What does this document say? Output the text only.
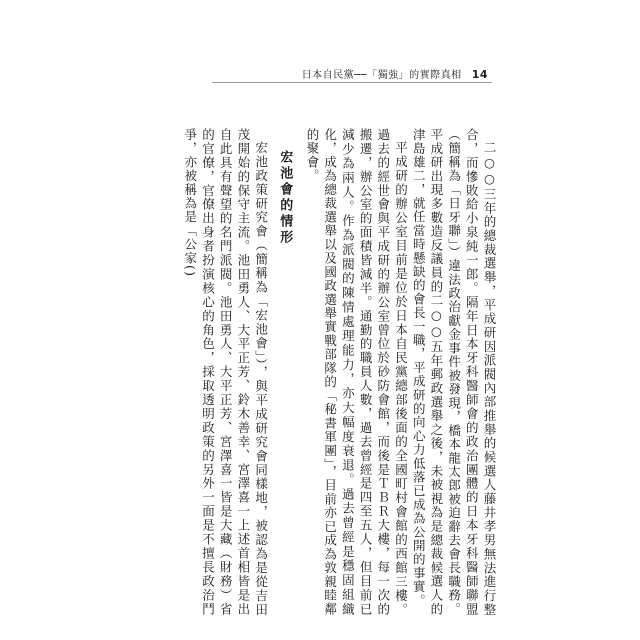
日本自民黨──「獨強」的實際真相 14

二○○三年的總裁選舉，平成研因派閥內部推舉的候選人藤井孝男無法進行整合，而慘敗給小泉純一郎。隔年日本牙科醫師會的政治團體的日本牙科醫師聯盟（簡稱為「日牙聯」）違法政治獻金事件被發現，橋本龍太郎被迫辭去會長職務。平成研出現多數造反議員的二○○五年郵政選舉之後，未被視為是總裁候選人的津島雄二，就任當時懸缺的會長一職，平成研的向心力低落已成為公開的事實。

平成研的辦公室目前是位於日本自民黨總部後面的全國町村會館的西館三樓。過去的經世會與平成研的辦公室曾位於砂防會館，而後是ＴＢＲ大樓，每一次的搬遷，辦公室的面積皆減半。通勤的職員人數，過去曾經是四至五人，但目前已減少為兩人。作為派閥的陳情處理能力，亦大幅度衰退。過去曾經是穩固組織化，成為總裁選舉以及國政選舉實戰部隊的「秘書軍團」，目前亦已成為敦親睦鄰的聚會。

宏池會的情形

宏池政策研究會（簡稱為「宏池會」），與平成研究會同樣地，被認為是從吉田茂開始的保守主流。池田勇人、大平正芳、鈴木善幸、宮澤喜一上述首相皆是出自此具有聲望的名門派閥。池田勇人、大平正芳、宮澤喜一皆是大藏（財務）省的官僚，官僚出身者扮演核心的角色，採取透明政策的另外一面是不擅長政治鬥爭，亦被稱為是「公家()
